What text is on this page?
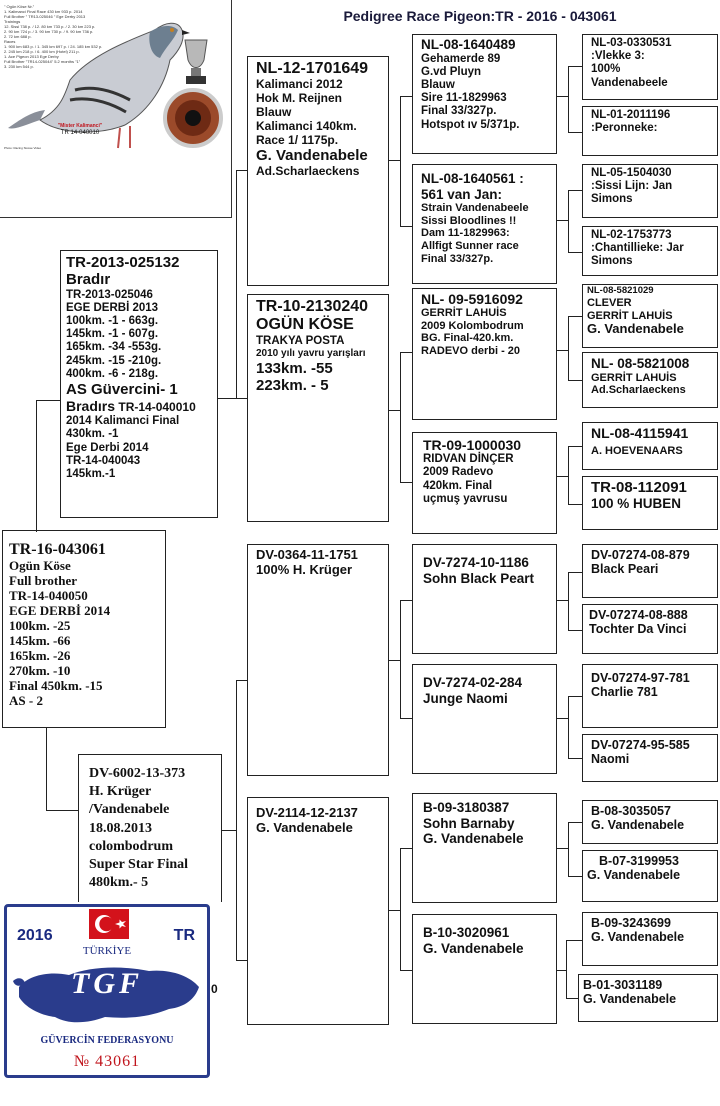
Pedigree Race Pigeon:TR - 2016 - 043061
" Ogün Köse Nr."
1. Kalimanci Final Race 430 km 933 p. 2014
Full Brother " TR13-025046 " Ege Derby 2013
Trainings
12. Sissi 738 p. / 12. 80 km 733 p. / 2. 30 km 223 p.
2. 90 km 724 p. / 3. 90 km 730 p. / 9. 90 km 736 p.
2. 72 km 688 p.
Races
1. 900 km 683 p. / 1. 345 km 697 p. / 24. 185 km 532 p.
2. 245 km 218 p. / 6. 400 km (Hotel) 211 p.
1. Ace Pigeon 2013 Ege Derby
Full Brother "TR14-025044" 5.2 months "1"
3. 230 km 544 p.
"Mister Kalimanci"
TR 14-040010
Photo: Racing Slosse Video
TR-2013-025132
Bradır
TR-2013-025046
EGE DERBİ 2013
100km. -1 - 663g.
145km. -1 - 607g.
165km. -34 -553g.
245km. -15 -210g.
400km. -6 - 218g.
AS Güvercini- 1
Bradırs TR-14-040010
2014 Kalimanci Final
430km. -1
Ege Derbi 2014
TR-14-040043
145km.-1
TR-16-043061
Ogün Köse
Full brother
TR-14-040050
EGE DERBİ 2014
100km. -25
145km. -66
165km. -26
270km. -10
Final 450km. -15
AS - 2
DV-6002-13-373
H. Krüger
/Vandenabele
18.08.2013
colombodrum
Super Star Final
480km.- 5
NL-12-1701649
Kalimanci 2012
Hok M. Reijnen
Blauw
Kalimanci 140km.
Race 1/ 1175p.
G. Vandenabele
Ad.Scharlaeckens
TR-10-2130240
OGÜN KÖSE
TRAKYA POSTA
2010 yılı yavru yarışları
133km. -55
223km. - 5
DV-0364-11-1751
100% H. Krüger
DV-2114-12-2137
G. Vandenabele
NL-08-1640489
Gehamerde 89
G.vd Pluyn
Blauw
Sire 11-1829963
Final 33/327p.
Hotspot ıv 5/371p.
NL-08-1640561 :
561 van Jan:
Strain Vandenabeele
Sissi Bloodlines !!
Dam 11-1829963:
Allfigt Sunner race
Final 33/327p.
NL- 09-5916092
GERRİT LAHUİS
2009 Kolombodrum
BG. Final-420.km.
RADEVO derbi - 20
TR-09-1000030
RIDVAN DİNÇER
2009 Radevo
420km. Final
uçmuş yavrusu
DV-7274-10-1186
Sohn Black Peart
DV-7274-02-284
Junge Naomi
B-09-3180387
Sohn Barnaby
G. Vandenabele
B-10-3020961
G. Vandenabele
NL-03-0330531
:Vlekke 3:
100%
Vandenabeele
NL-01-2011196
:Peronneke:
NL-05-1504030
:Sissi Lijn: Jan
Simons
NL-02-1753773
:Chantillieke: Jar
Simons
NL-08-5821029
CLEVER
GERRİT LAHUİS
G. Vandenabele
NL- 08-5821008
GERRİT LAHUİS
Ad.Scharlaeckens
NL-08-4115941
A. HOEVENAARS
TR-08-112091
100 % HUBEN
DV-07274-08-879
Black Peari
DV-07274-08-888
Tochter Da Vinci
DV-07274-97-781
Charlie 781
DV-07274-95-585
Naomi
B-08-3035057
G. Vandenabele
B-07-3199953
G. Vandenabele
B-09-3243699
G. Vandenabele
B-01-3031189
G. Vandenabele
0
2016	TR
TÜRKİYE
TGF
GÜVERCİN FEDERASYONU
№ 43061
